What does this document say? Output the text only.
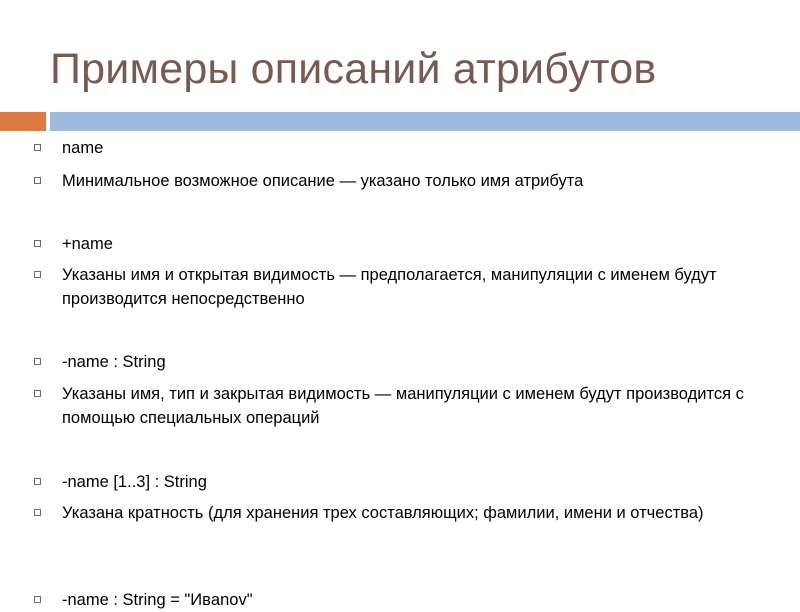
Примеры описаний атрибутов
name
Минимальное возможное описание — указано только имя атрибута
+name
Указаны имя и открытая видимость — предполагается, манипуляции с именем будут производится непосредственно
-name : String
Указаны имя, тип и закрытая видимость — манипуляции с именем будут производится с помощью специальных операций
-name [1..3] : String
Указана кратность (для хранения трех составляющих; фамилии, имени и отчества)
-name : String = "Ивanov"
